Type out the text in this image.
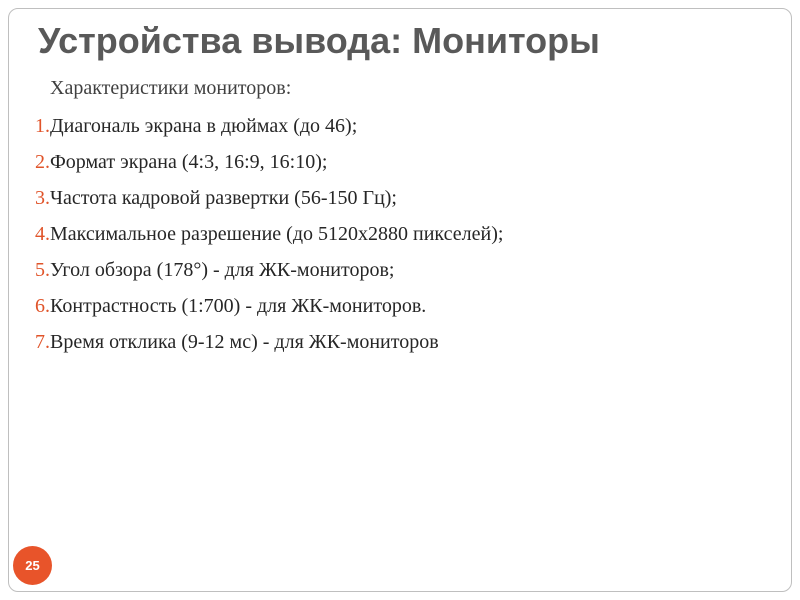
Устройства вывода: Мониторы
Характеристики мониторов:
1. Диагональ экрана в дюймах (до 46);
2. Формат экрана (4:3, 16:9, 16:10);
3. Частота кадровой развертки (56-150 Гц);
4. Максимальное разрешение (до 5120x2880 пикселей);
5. Угол обзора (178°) - для ЖК-мониторов;
6. Контрастность (1:700) - для ЖК-мониторов.
7. Время отклика (9-12 мс) - для ЖК-мониторов
25
